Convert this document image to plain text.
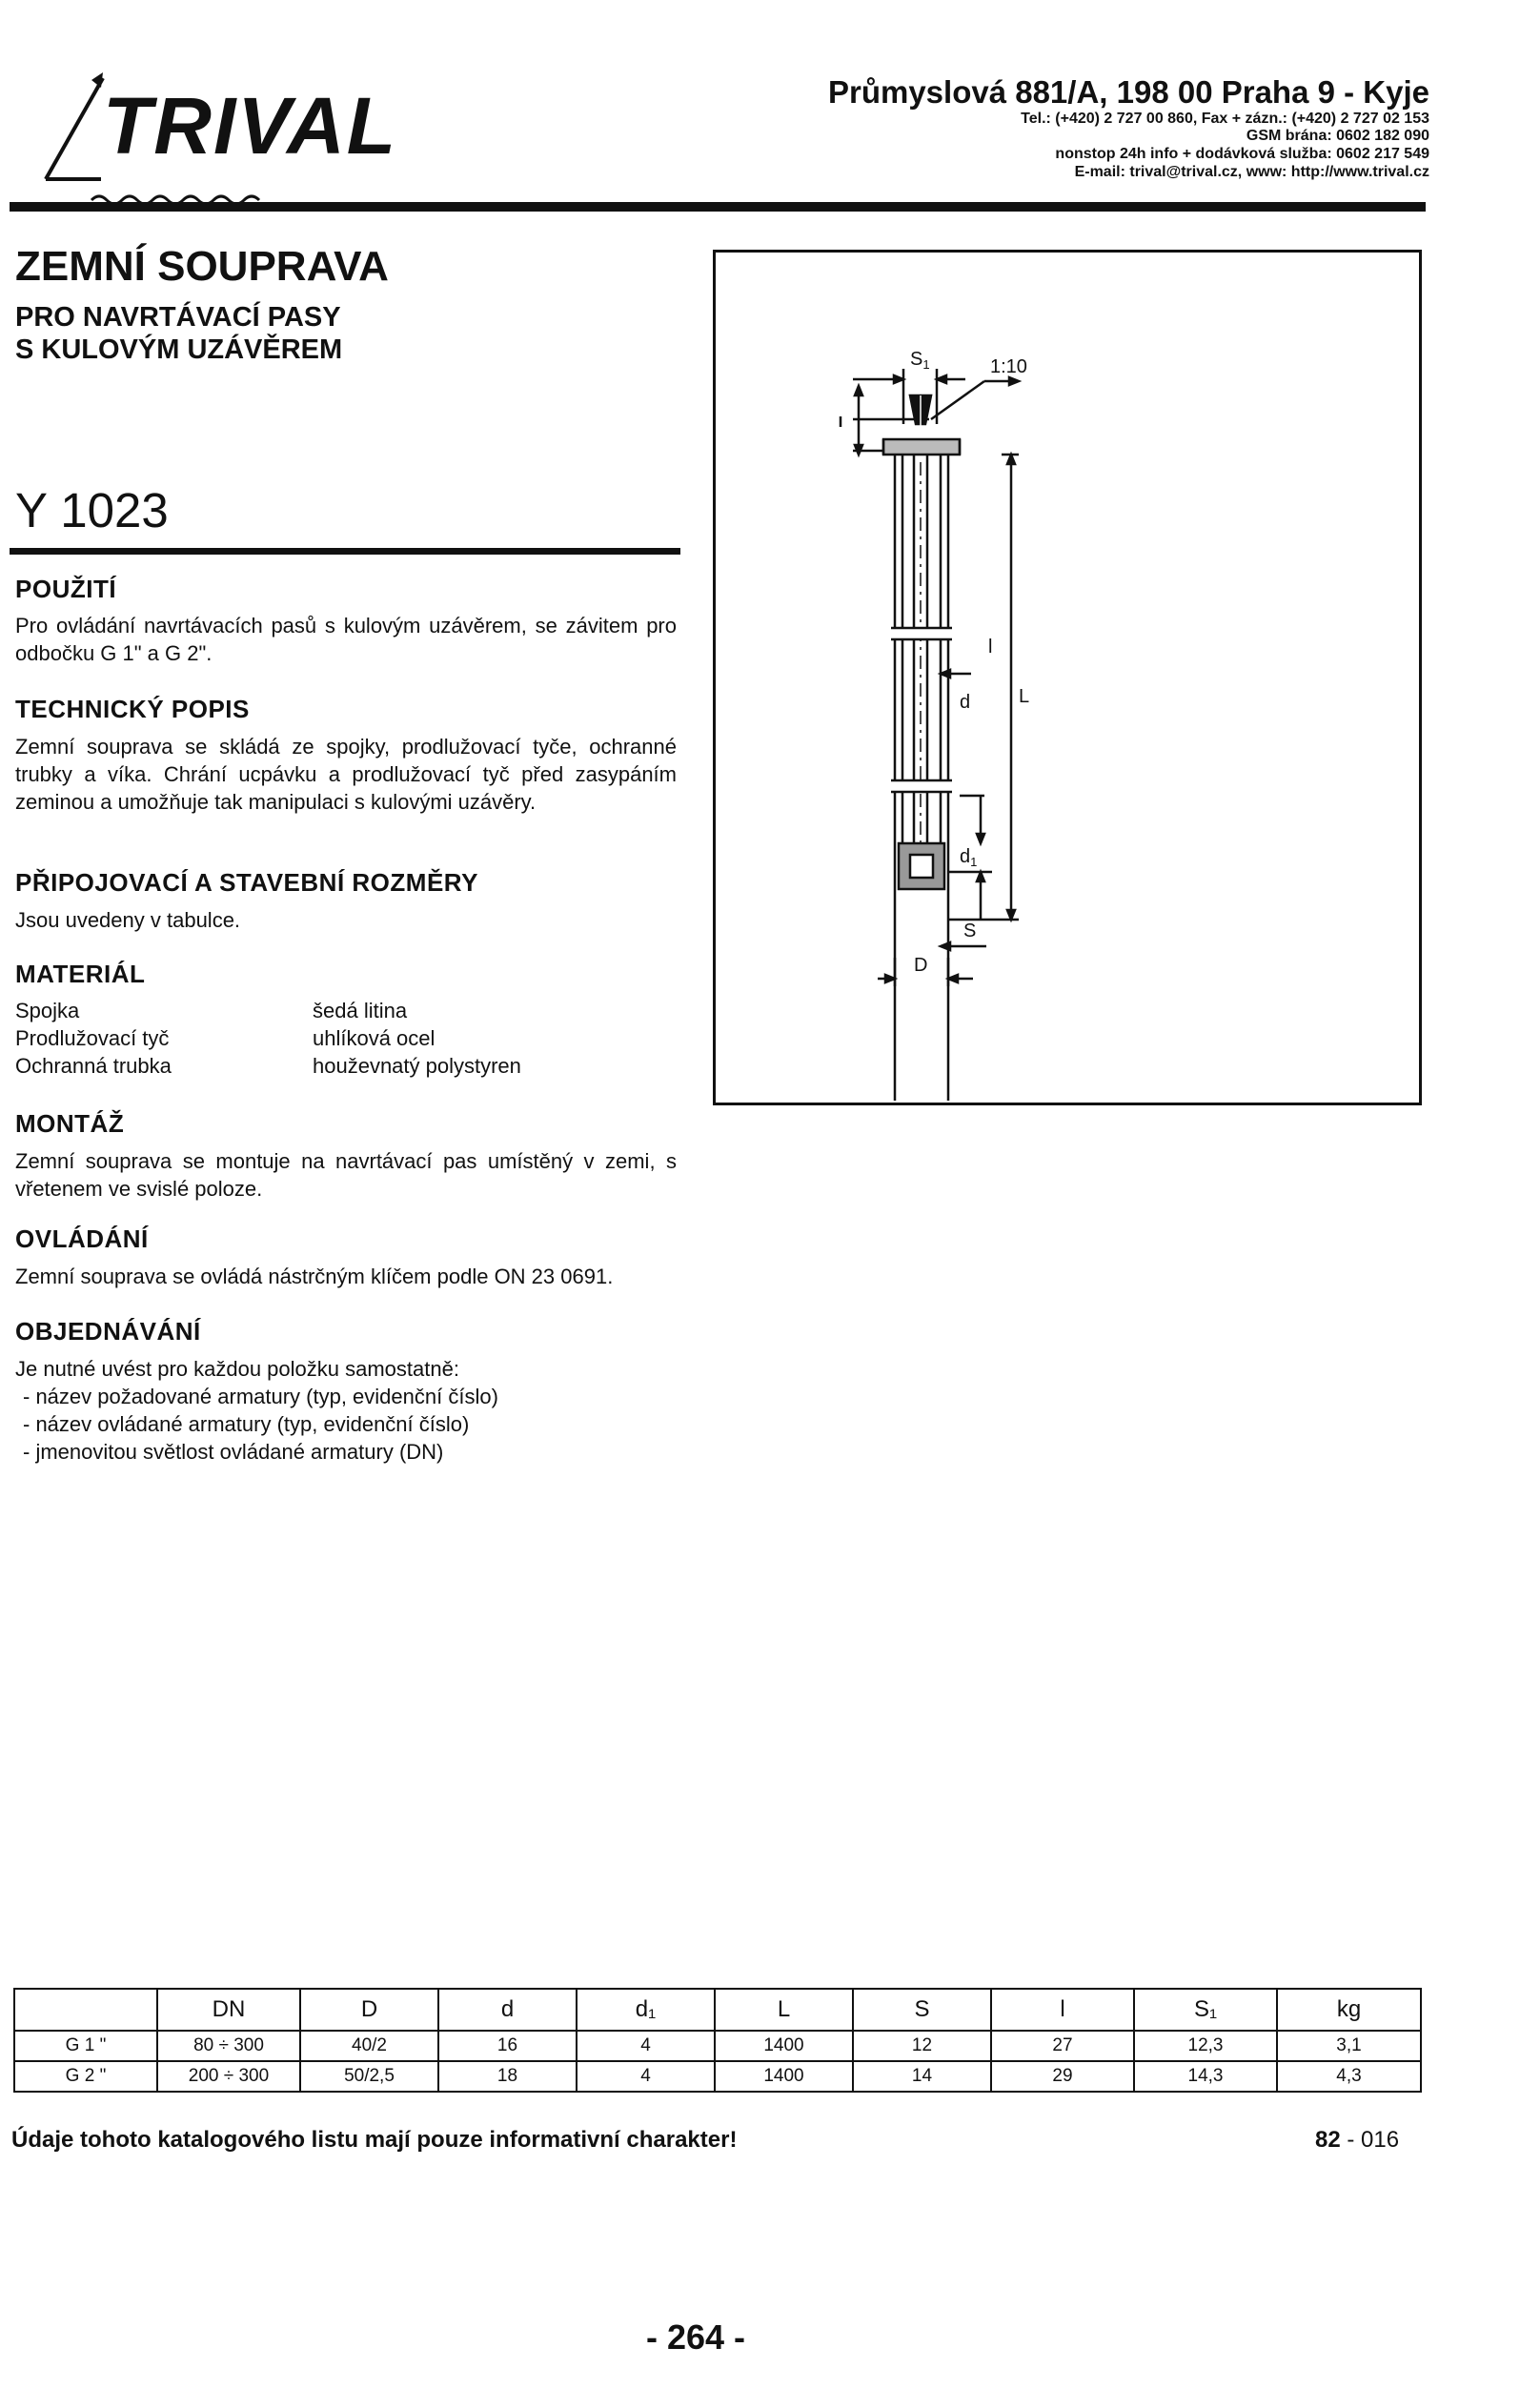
TRIVAL	Průmyslová 881/A, 198 00 Praha 9 - Kyje
Tel.: (+420) 2 727 00 860, Fax + zázn.: (+420) 2 727 02 153
GSM brána: 0602 182 090
nonstop 24h info + dodávková služba: 0602 217 549
E-mail: trival@trival.cz, www: http://www.trival.cz
ZEMNÍ SOUPRAVA
PRO NAVRTÁVACÍ PASY
S KULOVÝM UZÁVĚREM
Y 1023
POUŽITÍ
Pro ovládání navrtávacích pasů s kulovým uzávěrem, se závitem pro odbočku G 1" a G 2".
TECHNICKÝ POPIS
Zemní souprava se skládá ze spojky, prodlužovací tyče, ochranné trubky a víka. Chrání ucpávku a prodlužovací tyč před zasypáním zeminou a umožňuje tak manipulaci s kulovými uzávěry.
PŘIPOJOVACÍ A STAVEBNÍ ROZMĚRY
Jsou uvedeny v tabulce.
MATERIÁL
Spojka	šedá litina
Prodlužovací tyč	uhlíková ocel
Ochranná trubka	houževnatý polystyren
MONTÁŽ
Zemní souprava se montuje na navrtávací pas umístěný v zemi, s vřetenem ve svislé poloze.
OVLÁDÁNÍ
Zemní souprava se ovládá nástrčným klíčem podle ON 23 0691.
OBJEDNÁVÁNÍ
Je nutné uvést pro každou položku samostatně:
- název požadované armatury (typ, evidenční číslo)
- název ovládané armatury (typ, evidenční číslo)
- jmenovitou světlost ovládané armatury (DN)
$S_1$	1:10
l
d
$d_1$
L
S
D
	DN	D	d	d₁	L	S	l	S₁	kg
G 1 "	80 ÷ 300	40/2	16	4	1400	12	27	12,3	3,1
G 2 "	200 ÷ 300	50/2,5	18	4	1400	14	29	14,3	4,3
Údaje tohoto katalogového listu mají pouze informativní charakter!	82 - 016
- 264 -
